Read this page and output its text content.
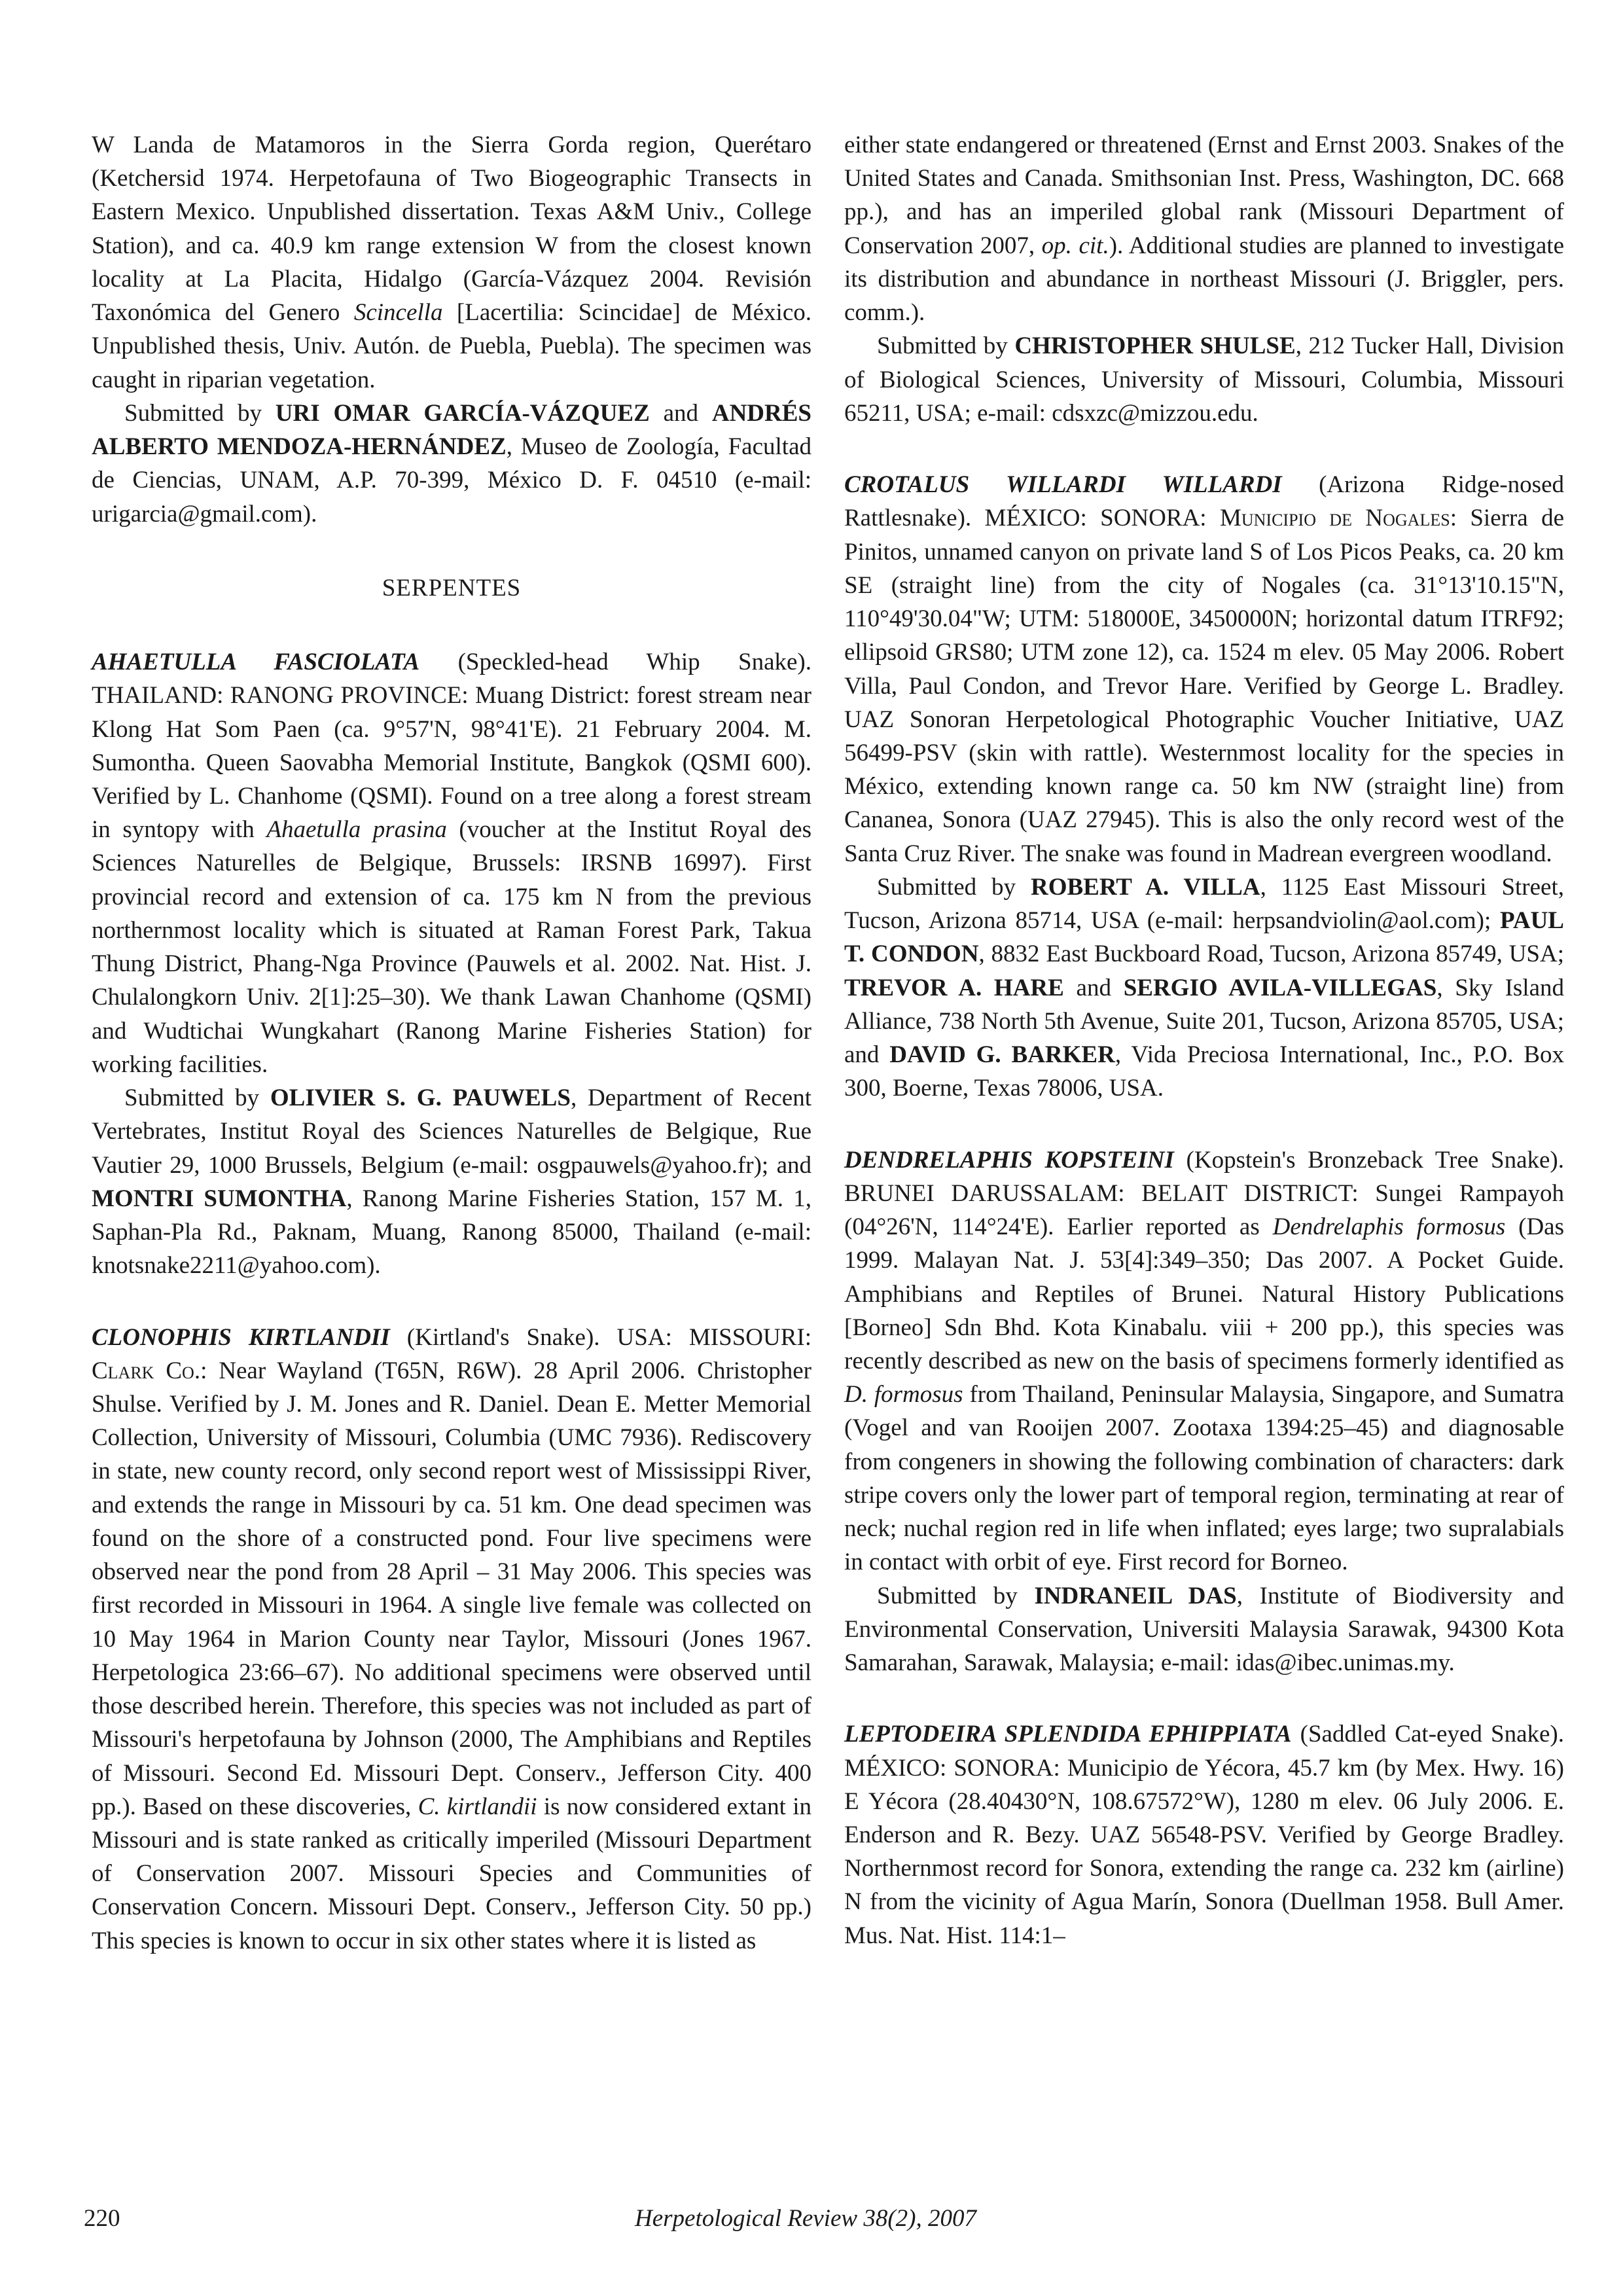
W Landa de Matamoros in the Sierra Gorda region, Querétaro (Ketchersid 1974. Herpetofauna of Two Biogeographic Transects in Eastern Mexico. Unpublished dissertation. Texas A&M Univ., College Station), and ca. 40.9 km range extension W from the closest known locality at La Placita, Hidalgo (García-Vázquez 2004. Revisión Taxonómica del Genero Scincella [Lacertilia: Scincidae] de México. Unpublished thesis, Univ. Autón. de Puebla, Puebla). The specimen was caught in riparian vegetation.

Submitted by URI OMAR GARCÍA-VÁZQUEZ and ANDRÉS ALBERTO MENDOZA-HERNÁNDEZ, Museo de Zoología, Facultad de Ciencias, UNAM, A.P. 70-399, México D. F. 04510 (e-mail: urigarcia@gmail.com).

SERPENTES

AHAETULLA FASCIOLATA (Speckled-head Whip Snake). THAILAND: RANONG PROVINCE: Muang District: forest stream near Klong Hat Som Paen (ca. 9°57'N, 98°41'E). 21 February 2004. M. Sumontha. Queen Saovabha Memorial Institute, Bangkok (QSMI 600). Verified by L. Chanhome (QSMI). Found on a tree along a forest stream in syntopy with Ahaetulla prasina (voucher at the Institut Royal des Sciences Naturelles de Belgique, Brussels: IRSNB 16997). First provincial record and extension of ca. 175 km N from the previous northernmost locality which is situated at Raman Forest Park, Takua Thung District, Phang-Nga Province (Pauwels et al. 2002. Nat. Hist. J. Chulalongkorn Univ. 2[1]:25–30). We thank Lawan Chanhome (QSMI) and Wudtichai Wungkahart (Ranong Marine Fisheries Station) for working facilities.

Submitted by OLIVIER S. G. PAUWELS, Department of Recent Vertebrates, Institut Royal des Sciences Naturelles de Belgique, Rue Vautier 29, 1000 Brussels, Belgium (e-mail: osgpauwels@yahoo.fr); and MONTRI SUMONTHA, Ranong Marine Fisheries Station, 157 M. 1, Saphan-Pla Rd., Paknam, Muang, Ranong 85000, Thailand (e-mail: knotsnake2211@yahoo.com).

CLONOPHIS KIRTLANDII (Kirtland's Snake). USA: MISSOURI: Clark Co.: Near Wayland (T65N, R6W). 28 April 2006. Christopher Shulse. Verified by J. M. Jones and R. Daniel. Dean E. Metter Memorial Collection, University of Missouri, Columbia (UMC 7936). Rediscovery in state, new county record, only second report west of Mississippi River, and extends the range in Missouri by ca. 51 km. One dead specimen was found on the shore of a constructed pond. Four live specimens were observed near the pond from 28 April – 31 May 2006. This species was first recorded in Missouri in 1964. A single live female was collected on 10 May 1964 in Marion County near Taylor, Missouri (Jones 1967. Herpetologica 23:66–67). No additional specimens were observed until those described herein. Therefore, this species was not included as part of Missouri's herpetofauna by Johnson (2000, The Amphibians and Reptiles of Missouri. Second Ed. Missouri Dept. Conserv., Jefferson City. 400 pp.). Based on these discoveries, C. kirtlandii is now considered extant in Missouri and is state ranked as critically imperiled (Missouri Department of Conservation 2007. Missouri Species and Communities of Conservation Concern. Missouri Dept. Conserv., Jefferson City. 50 pp.) This species is known to occur in six other states where it is listed as

either state endangered or threatened (Ernst and Ernst 2003. Snakes of the United States and Canada. Smithsonian Inst. Press, Washington, DC. 668 pp.), and has an imperiled global rank (Missouri Department of Conservation 2007, op. cit.). Additional studies are planned to investigate its distribution and abundance in northeast Missouri (J. Briggler, pers. comm.).

Submitted by CHRISTOPHER SHULSE, 212 Tucker Hall, Division of Biological Sciences, University of Missouri, Columbia, Missouri 65211, USA; e-mail: cdsxzc@mizzou.edu.

CROTALUS WILLARDI WILLARDI (Arizona Ridge-nosed Rattlesnake). MÉXICO: SONORA: Municipio de Nogales: Sierra de Pinitos, unnamed canyon on private land S of Los Picos Peaks, ca. 20 km SE (straight line) from the city of Nogales (ca. 31°13'10.15"N, 110°49'30.04"W; UTM: 518000E, 3450000N; horizontal datum ITRF92; ellipsoid GRS80; UTM zone 12), ca. 1524 m elev. 05 May 2006. Robert Villa, Paul Condon, and Trevor Hare. Verified by George L. Bradley. UAZ Sonoran Herpetological Photographic Voucher Initiative, UAZ 56499-PSV (skin with rattle). Westernmost locality for the species in México, extending known range ca. 50 km NW (straight line) from Cananea, Sonora (UAZ 27945). This is also the only record west of the Santa Cruz River. The snake was found in Madrean evergreen woodland.

Submitted by ROBERT A. VILLA, 1125 East Missouri Street, Tucson, Arizona 85714, USA (e-mail: herpsandviolin@aol.com); PAUL T. CONDON, 8832 East Buckboard Road, Tucson, Arizona 85749, USA; TREVOR A. HARE and SERGIO AVILA-VILLEGAS, Sky Island Alliance, 738 North 5th Avenue, Suite 201, Tucson, Arizona 85705, USA; and DAVID G. BARKER, Vida Preciosa International, Inc., P.O. Box 300, Boerne, Texas 78006, USA.

DENDRELAPHIS KOPSTEINI (Kopstein's Bronzeback Tree Snake). BRUNEI DARUSSALAM: BELAIT DISTRICT: Sungei Rampayoh (04°26'N, 114°24'E). Earlier reported as Dendrelaphis formosus (Das 1999. Malayan Nat. J. 53[4]:349–350; Das 2007. A Pocket Guide. Amphibians and Reptiles of Brunei. Natural History Publications [Borneo] Sdn Bhd. Kota Kinabalu. viii + 200 pp.), this species was recently described as new on the basis of specimens formerly identified as D. formosus from Thailand, Peninsular Malaysia, Singapore, and Sumatra (Vogel and van Rooijen 2007. Zootaxa 1394:25–45) and diagnosable from congeners in showing the following combination of characters: dark stripe covers only the lower part of temporal region, terminating at rear of neck; nuchal region red in life when inflated; eyes large; two supralabials in contact with orbit of eye. First record for Borneo.

Submitted by INDRANEIL DAS, Institute of Biodiversity and Environmental Conservation, Universiti Malaysia Sarawak, 94300 Kota Samarahan, Sarawak, Malaysia; e-mail: idas@ibec.unimas.my.

LEPTODEIRA SPLENDIDA EPHIPPIATA (Saddled Cat-eyed Snake). MÉXICO: SONORA: Municipio de Yécora, 45.7 km (by Mex. Hwy. 16) E Yécora (28.40430°N, 108.67572°W), 1280 m elev. 06 July 2006. E. Enderson and R. Bezy. UAZ 56548-PSV. Verified by George Bradley. Northernmost record for Sonora, extending the range ca. 232 km (airline) N from the vicinity of Agua Marín, Sonora (Duellman 1958. Bull Amer. Mus. Nat. Hist. 114:1–

220	Herpetological Review 38(2), 2007
